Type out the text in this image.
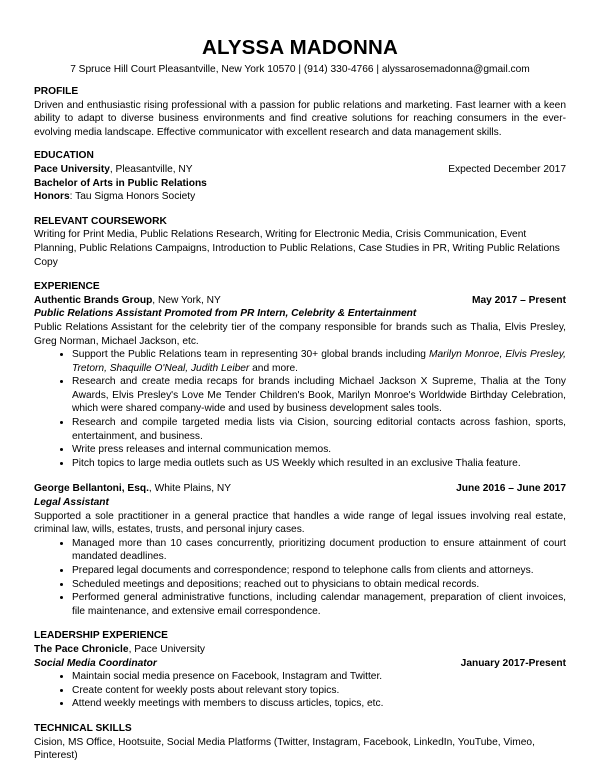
ALYSSA MADONNA
7 Spruce Hill Court Pleasantville, New York 10570 | (914) 330-4766 | alyssarosemadonna@gmail.com
PROFILE
Driven and enthusiastic rising professional with a passion for public relations and marketing. Fast learner with a keen ability to adapt to diverse business environments and find creative solutions for reaching consumers in the ever-evolving media landscape. Effective communicator with excellent research and data management skills.
EDUCATION
Pace University, Pleasantville, NY	Expected December 2017
Bachelor of Arts in Public Relations
Honors: Tau Sigma Honors Society
RELEVANT COURSEWORK
Writing for Print Media, Public Relations Research, Writing for Electronic Media, Crisis Communication, Event Planning, Public Relations Campaigns, Introduction to Public Relations, Case Studies in PR, Writing Public Relations Copy
EXPERIENCE
Authentic Brands Group, New York, NY	May 2017 – Present
Public Relations Assistant Promoted from PR Intern, Celebrity & Entertainment
Public Relations Assistant for the celebrity tier of the company responsible for brands such as Thalia, Elvis Presley, Greg Norman, Michael Jackson, etc.
• Support the Public Relations team in representing 30+ global brands including Marilyn Monroe, Elvis Presley, Tretorn, Shaquille O'Neal, Judith Leiber and more.
• Research and create media recaps for brands including Michael Jackson X Supreme, Thalia at the Tony Awards, Elvis Presley's Love Me Tender Children's Book, Marilyn Monroe's Worldwide Birthday Celebration, which were shared company-wide and used by business development sales tools.
• Research and compile targeted media lists via Cision, sourcing editorial contacts across fashion, sports, entertainment, and business.
• Write press releases and internal communication memos.
• Pitch topics to large media outlets such as US Weekly which resulted in an exclusive Thalia feature.
George Bellantoni, Esq., White Plains, NY	June 2016 – June 2017
Legal Assistant
Supported a sole practitioner in a general practice that handles a wide range of legal issues involving real estate, criminal law, wills, estates, trusts, and personal injury cases.
• Managed more than 10 cases concurrently, prioritizing document production to ensure attainment of court mandated deadlines.
• Prepared legal documents and correspondence; respond to telephone calls from clients and attorneys.
• Scheduled meetings and depositions; reached out to physicians to obtain medical records.
• Performed general administrative functions, including calendar management, preparation of client invoices, file maintenance, and extensive email correspondence.
LEADERSHIP EXPERIENCE
The Pace Chronicle, Pace University
Social Media Coordinator	January 2017-Present
• Maintain social media presence on Facebook, Instagram and Twitter.
• Create content for weekly posts about relevant story topics.
• Attend weekly meetings with members to discuss articles, topics, etc.
TECHNICAL SKILLS
Cision, MS Office, Hootsuite, Social Media Platforms (Twitter, Instagram, Facebook, LinkedIn, YouTube, Vimeo, Pinterest)
